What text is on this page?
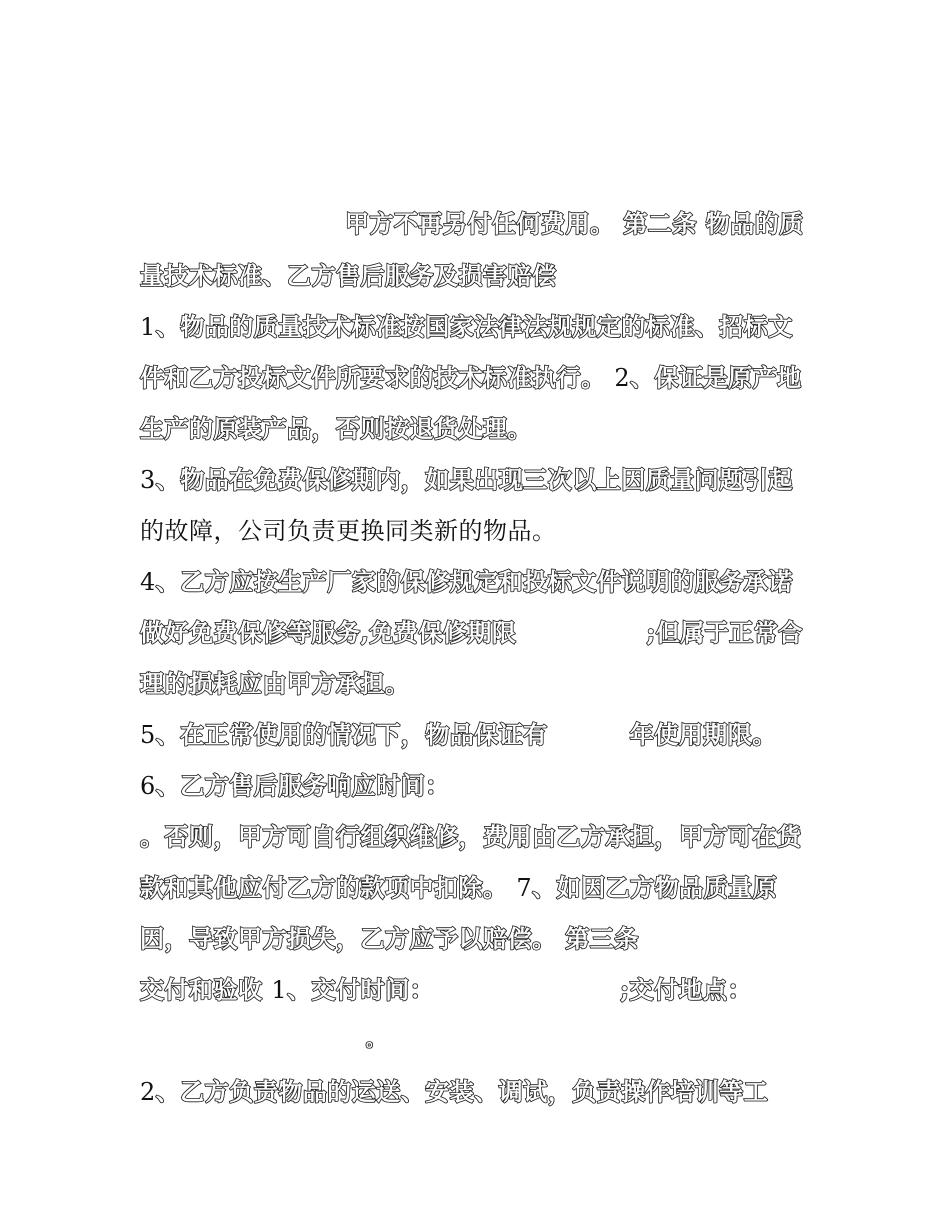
甲方不再另付任何费用。 第二条 物品的质
量技术标准、乙方售后服务及损害赔偿
1、物品的质量技术标准按国家法律法规规定的标准、招标文
件和乙方投标文件所要求的技术标准执行。 2、保证是原产地
生产的原装产品，否则按退货处理。
3、物品在免费保修期内，如果出现三次以上因质量问题引起
的故障，公司负责更换同类新的物品。
4、乙方应按生产厂家的保修规定和投标文件说明的服务承诺
做好免费保修等服务,免费保修期限	;但属于正常合
理的损耗应由甲方承担。
5、在正常使用的情况下，物品保证有	年使用期限。
6、乙方售后服务响应时间：
。否则，甲方可自行组织维修，费用由乙方承担，甲方可在货
款和其他应付乙方的款项中扣除。 7、如因乙方物品质量原
因，导致甲方损失，乙方应予以赔偿。 第三条
交付和验收 1、交付时间：	;交付地点：
。
2、乙方负责物品的运送、安装、调试，负责操作培训等工
